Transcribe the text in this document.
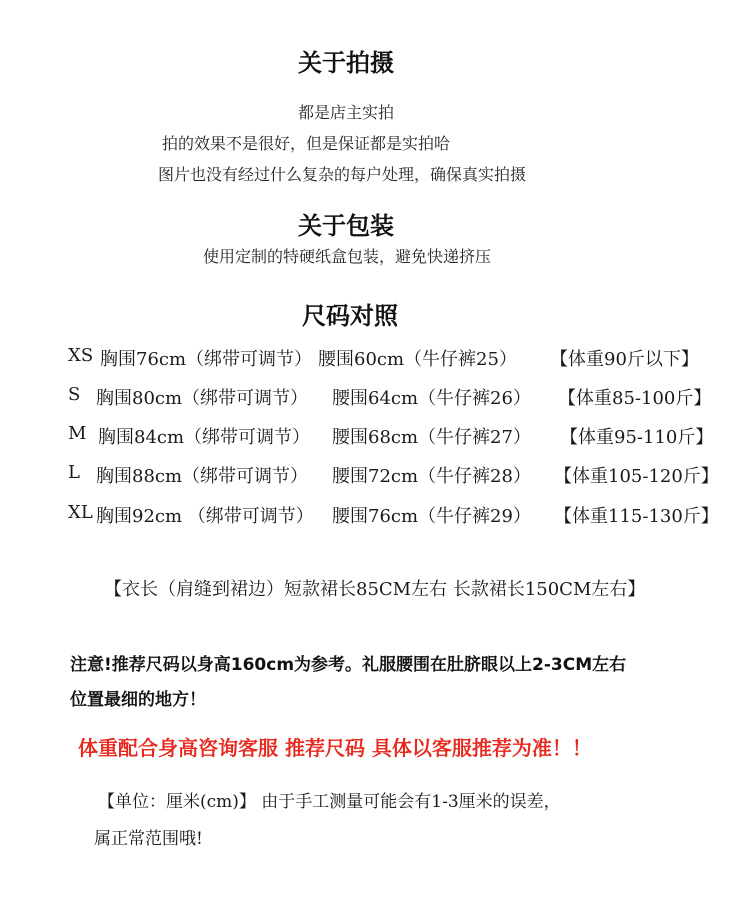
关于拍摄
都是店主实拍
拍的效果不是很好，但是保证都是实拍哈
图片也没有经过什么复杂的每户处理，确保真实拍摄
关于包装
使用定制的特硬纸盒包装，避免快递挤压
尺码对照
XS 胸围76cm（绑带可调节） 腰围60cm（牛仔裤25） 【体重90斤以下】
S 胸围80cm（绑带可调节） 腰围64cm（牛仔裤26） 【体重85-100斤】
M 胸围84cm（绑带可调节） 腰围68cm（牛仔裤27） 【体重95-110斤】
L 胸围88cm（绑带可调节） 腰围72cm（牛仔裤28） 【体重105-120斤】
XL 胸围92cm （绑带可调节） 腰围76cm（牛仔裤29） 【体重115-130斤】
【衣长（肩缝到裙边）短款裙长85CM左右 长款裙长150CM左右】
注意!推荐尺码以身高160cm为参考。礼服腰围在肚脐眼以上2-3CM左右
位置最细的地方！
体重配合身高咨询客服 推荐尺码 具体以客服推荐为准！！
【单位：厘米(cm)】 由于手工测量可能会有1-3厘米的误差，
属正常范围哦!
